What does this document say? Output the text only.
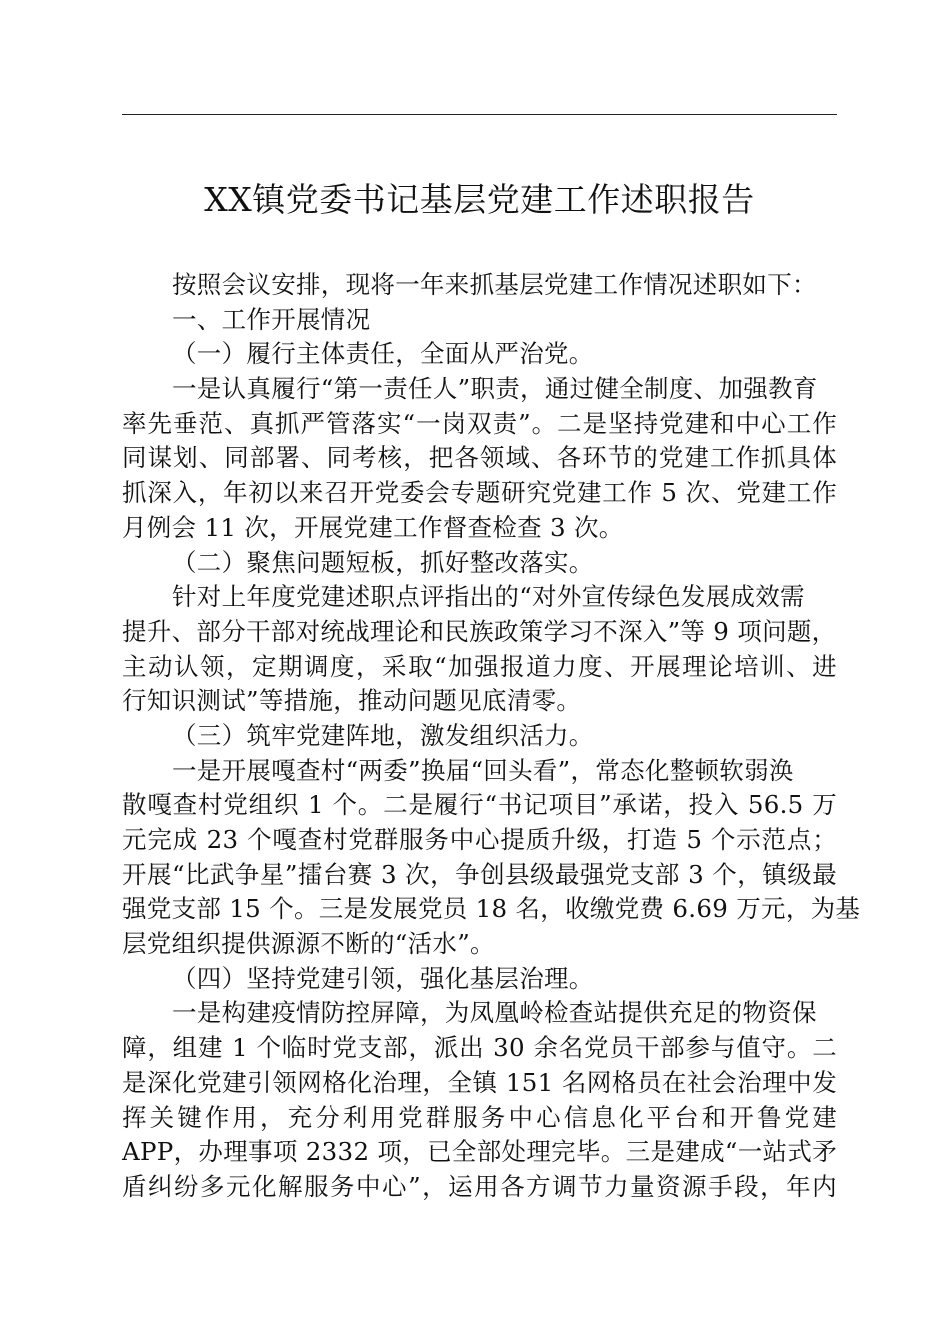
XX镇党委书记基层党建工作述职报告
按照会议安排，现将一年来抓基层党建工作情况述职如下：
一、工作开展情况
（一）履行主体责任，全面从严治党。
一是认真履行“第一责任人”职责，通过健全制度、加强教育
率先垂范、真抓严管落实“一岗双责”。二是坚持党建和中心工作
同谋划、同部署、同考核，把各领域、各环节的党建工作抓具体
抓深入，年初以来召开党委会专题研究党建工作 5 次、党建工作
月例会 11 次，开展党建工作督查检查 3 次。
（二）聚焦问题短板，抓好整改落实。
针对上年度党建述职点评指出的“对外宣传绿色发展成效需
提升、部分干部对统战理论和民族政策学习不深入”等 9 项问题，
主动认领，定期调度，采取“加强报道力度、开展理论培训、进
行知识测试”等措施，推动问题见底清零。
（三）筑牢党建阵地，激发组织活力。
一是开展嘎查村“两委”换届“回头看”，常态化整顿软弱涣
散嘎查村党组织 1 个。二是履行“书记项目”承诺，投入 56.5 万
元完成 23 个嘎查村党群服务中心提质升级，打造 5 个示范点；
开展“比武争星”擂台赛 3 次，争创县级最强党支部 3 个，镇级最
强党支部 15 个。三是发展党员 18 名，收缴党费 6.69 万元，为基
层党组织提供源源不断的“活水”。
（四）坚持党建引领，强化基层治理。
一是构建疫情防控屏障，为凤凰岭检查站提供充足的物资保
障，组建 1 个临时党支部，派出 30 余名党员干部参与值守。二
是深化党建引领网格化治理，全镇 151 名网格员在社会治理中发
挥关键作用，充分利用党群服务中心信息化平台和开鲁党建
APP，办理事项 2332 项，已全部处理完毕。三是建成“一站式矛
盾纠纷多元化解服务中心”，运用各方调节力量资源手段，年内
